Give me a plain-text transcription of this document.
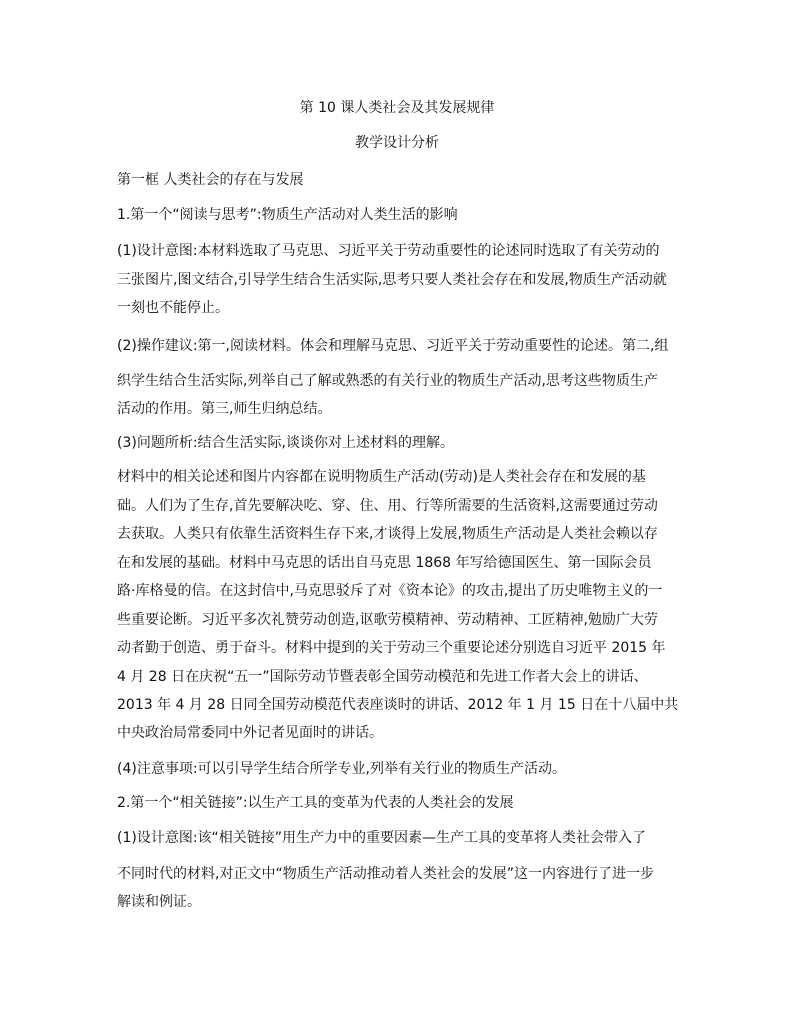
第 10 课人类社会及其发展规律
教学设计分析
第一框 人类社会的存在与发展
1.第一个“阅读与思考”:物质生产活动对人类生活的影响
(1)设计意图:本材料选取了马克思、习近平关于劳动重要性的论述同时选取了有关劳动的
三张图片,图文结合,引导学生结合生活实际,思考只要人类社会存在和发展,物质生产活动就
一刻也不能停止。
(2)操作建议:第一,阅读材料。体会和理解马克思、习近平关于劳动重要性的论述。第二,组
织学生结合生活实际,列举自己了解或熟悉的有关行业的物质生产活动,思考这些物质生产
活动的作用。第三,师生归纳总结。
(3)问题所析:结合生活实际,谈谈你对上述材料的理解。
材料中的相关论述和图片内容都在说明物质生产活动(劳动)是人类社会存在和发展的基
础。人们为了生存,首先要解决吃、穿、住、用、行等所需要的生活资料,这需要通过劳动
去获取。人类只有依靠生活资料生存下来,才谈得上发展,物质生产活动是人类社会赖以存
在和发展的基础。材料中马克思的话出自马克思 1868 年写给德国医生、第一国际会员
路·库格曼的信。在这封信中,马克思驳斥了对《资本论》的攻击,提出了历史唯物主义的一
些重要论断。习近平多次礼赞劳动创造,讴歌劳模精神、劳动精神、工匠精神,勉励广大劳
动者勤于创造、勇于奋斗。材料中提到的关于劳动三个重要论述分别选自习近平 2015 年
4 月 28 日在庆祝“五一”国际劳动节暨表彰全国劳动模范和先进工作者大会上的讲话、
2013 年 4 月 28 日同全国劳动模范代表座谈时的讲话、2012 年 1 月 15 日在十八届中共
中央政治局常委同中外记者见面时的讲话。
(4)注意事项:可以引导学生结合所学专业,列举有关行业的物质生产活动。
2.第一个“相关链接”:以生产工具的变革为代表的人类社会的发展
(1)设计意图:该“相关链接”用生产力中的重要因素—生产工具的变革将人类社会带入了
不同时代的材料,对正文中“物质生产活动推动着人类社会的发展”这一内容进行了进一步
解读和例证。
